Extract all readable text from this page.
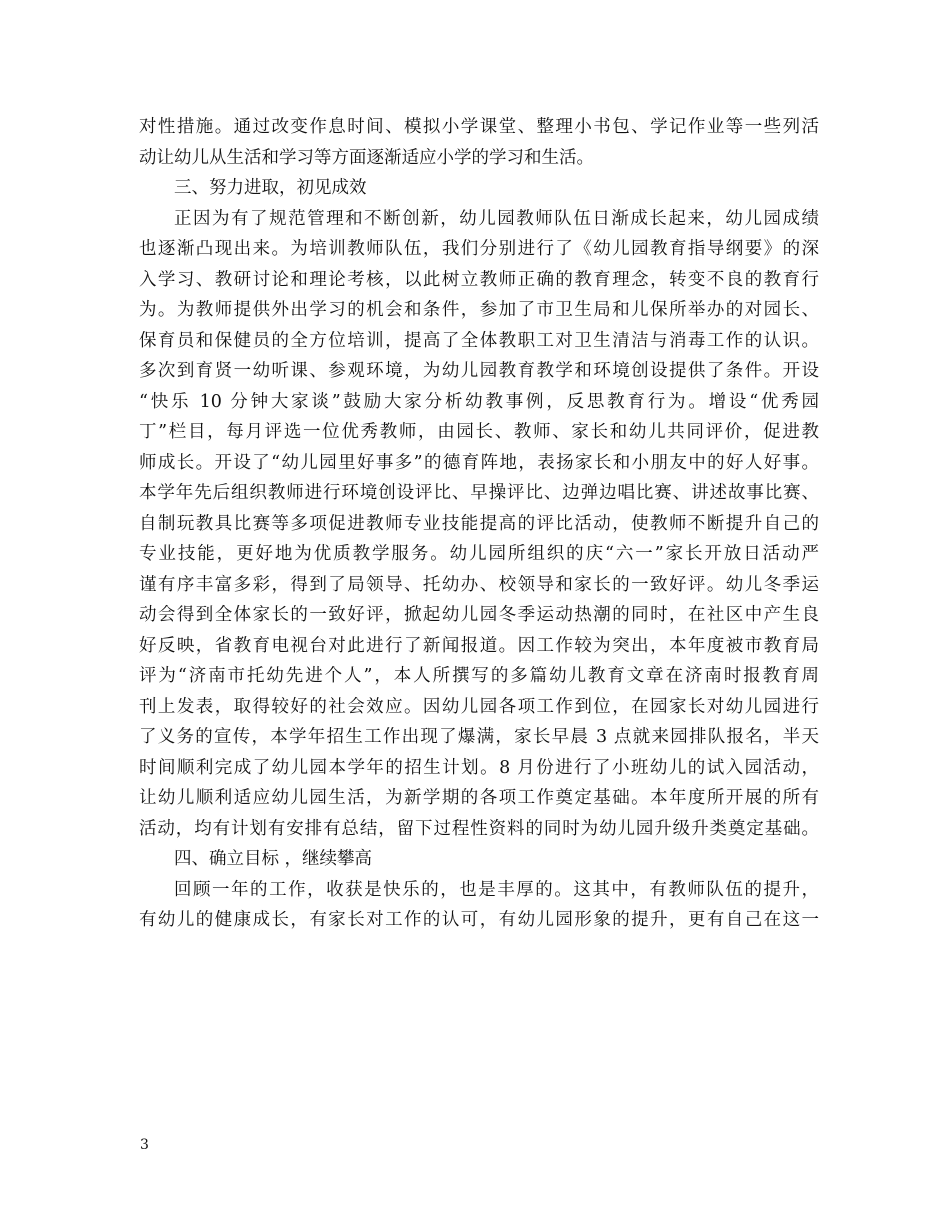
对性措施。通过改变作息时间、模拟小学课堂、整理小书包、学记作业等一些列活
动让幼儿从生活和学习等方面逐渐适应小学的学习和生活。
三、努力进取，初见成效
正因为有了规范管理和不断创新，幼儿园教师队伍日渐成长起来，幼儿园成绩
也逐渐凸现出来。为培训教师队伍，我们分别进行了《幼儿园教育指导纲要》的深
入学习、教研讨论和理论考核，以此树立教师正确的教育理念，转变不良的教育行
为。为教师提供外出学习的机会和条件，参加了市卫生局和儿保所举办的对园长、
保育员和保健员的全方位培训，提高了全体教职工对卫生清洁与消毒工作的认识。
多次到育贤一幼听课、参观环境，为幼儿园教育教学和环境创设提供了条件。开设
“快乐 10 分钟大家谈”鼓励大家分析幼教事例，反思教育行为。增设“优秀园
丁”栏目，每月评选一位优秀教师，由园长、教师、家长和幼儿共同评价，促进教
师成长。开设了“幼儿园里好事多”的德育阵地，表扬家长和小朋友中的好人好事。
本学年先后组织教师进行环境创设评比、早操评比、边弹边唱比赛、讲述故事比赛、
自制玩教具比赛等多项促进教师专业技能提高的评比活动，使教师不断提升自己的
专业技能，更好地为优质教学服务。幼儿园所组织的庆“六一”家长开放日活动严
谨有序丰富多彩，得到了局领导、托幼办、校领导和家长的一致好评。幼儿冬季运
动会得到全体家长的一致好评，掀起幼儿园冬季运动热潮的同时，在社区中产生良
好反映，省教育电视台对此进行了新闻报道。因工作较为突出，本年度被市教育局
评为“济南市托幼先进个人”，本人所撰写的多篇幼儿教育文章在济南时报教育周
刊上发表，取得较好的社会效应。因幼儿园各项工作到位，在园家长对幼儿园进行
了义务的宣传，本学年招生工作出现了爆满，家长早晨 3 点就来园排队报名，半天
时间顺利完成了幼儿园本学年的招生计划。8 月份进行了小班幼儿的试入园活动，
让幼儿顺利适应幼儿园生活，为新学期的各项工作奠定基础。本年度所开展的所有
活动，均有计划有安排有总结，留下过程性资料的同时为幼儿园升级升类奠定基础。
四、确立目标 ，继续攀高
回顾一年的工作，收获是快乐的，也是丰厚的。这其中，有教师队伍的提升，
有幼儿的健康成长，有家长对工作的认可，有幼儿园形象的提升，更有自己在这一
3
